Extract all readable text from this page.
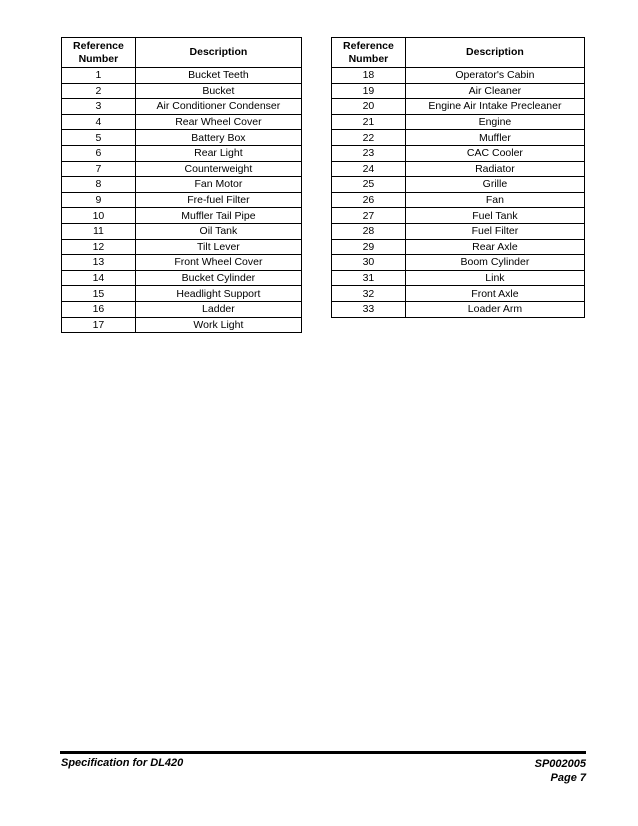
Reference Number	Description
1	Bucket Teeth
2	Bucket
3	Air Conditioner Condenser
4	Rear Wheel Cover
5	Battery Box
6	Rear Light
7	Counterweight
8	Fan Motor
9	Fre-fuel Filter
10	Muffler Tail Pipe
11	Oil Tank
12	Tilt Lever
13	Front Wheel Cover
14	Bucket Cylinder
15	Headlight Support
16	Ladder
17	Work Light
Reference Number	Description
18	Operator's Cabin
19	Air Cleaner
20	Engine Air Intake Precleaner
21	Engine
22	Muffler
23	CAC Cooler
24	Radiator
25	Grille
26	Fan
27	Fuel Tank
28	Fuel Filter
29	Rear Axle
30	Boom Cylinder
31	Link
32	Front Axle
33	Loader Arm
Specification for DL420	SP002005
Page 7
